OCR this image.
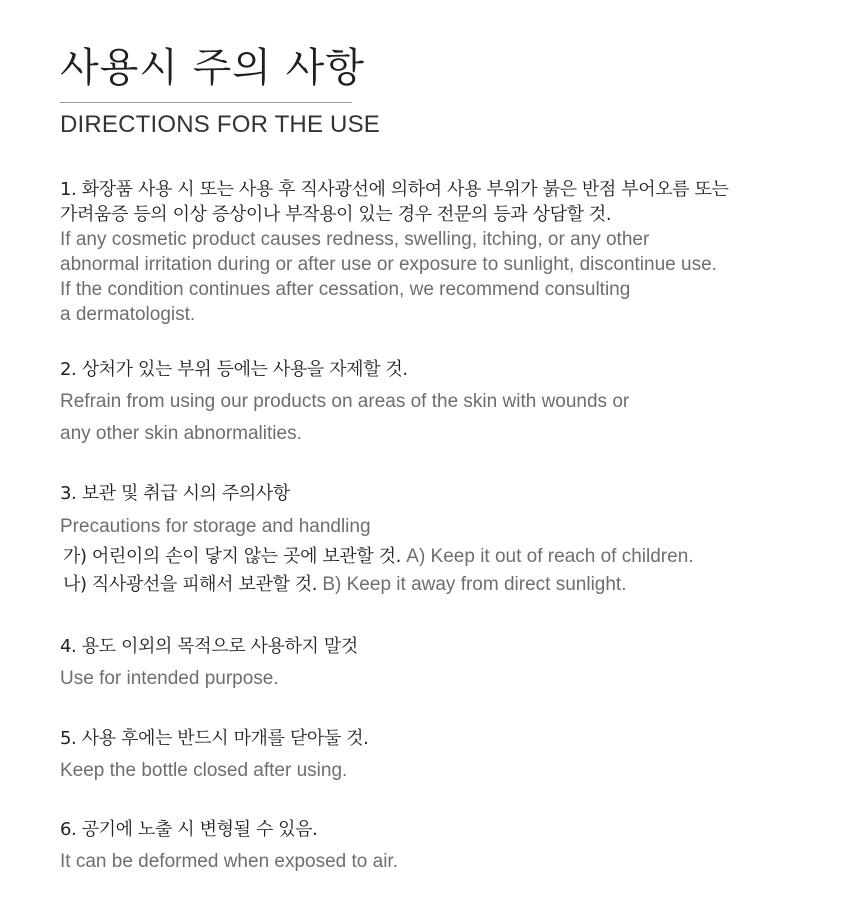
사용시 주의 사항
DIRECTIONS FOR THE USE
1. 화장품 사용 시 또는 사용 후 직사광선에 의하여 사용 부위가 붉은 반점 부어오름 또는
가려움증 등의 이상 증상이나 부작용이 있는 경우 전문의 등과 상담할 것.
If any cosmetic product causes redness, swelling, itching, or any other
abnormal irritation during or after use or exposure to sunlight, discontinue use.
If the condition continues after cessation, we recommend consulting
a dermatologist.
2. 상처가 있는 부위 등에는 사용을 자제할 것.
Refrain from using our products on areas of the skin with wounds or
any other skin abnormalities.
3. 보관 및 취급 시의 주의사항
Precautions for storage and handling
가) 어린이의 손이 닿지 않는 곳에 보관할 것. A) Keep it out of reach of children.
나) 직사광선을 피해서 보관할 것. B) Keep it away from direct sunlight.
4. 용도 이외의 목적으로 사용하지 말것
Use for intended purpose.
5. 사용 후에는 반드시 마개를 닫아둘 것.
Keep the bottle closed after using.
6. 공기에 노출 시 변형될 수 있음.
It can be deformed when exposed to air.
